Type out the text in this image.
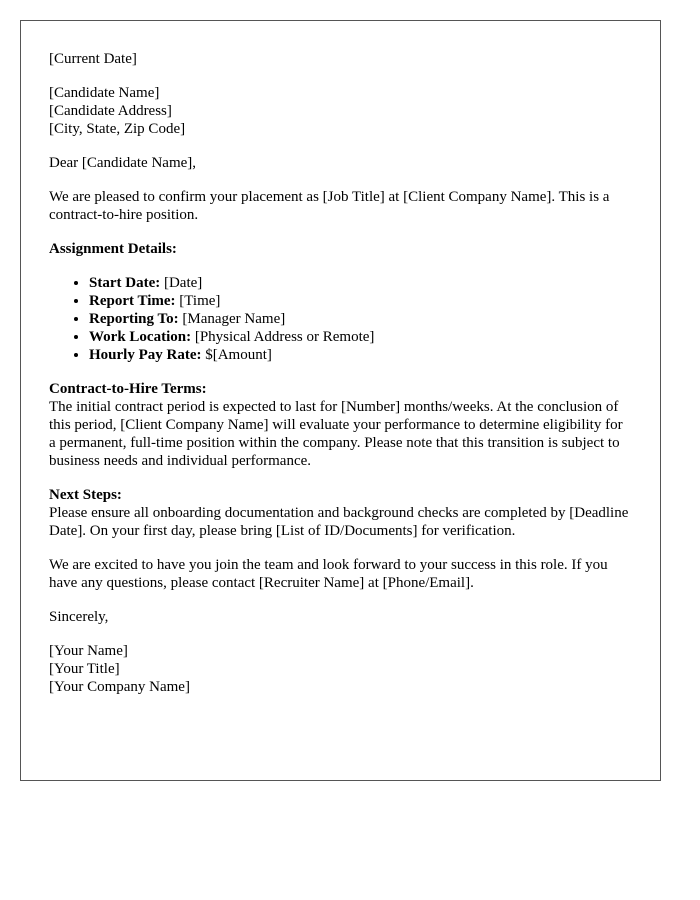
[Current Date]

[Candidate Name]
[Candidate Address]
[City, State, Zip Code]

Dear [Candidate Name],

We are pleased to confirm your placement as [Job Title] at [Client Company Name]. This is a contract-to-hire position.

Assignment Details:
• Start Date: [Date]
• Report Time: [Time]
• Reporting To: [Manager Name]
• Work Location: [Physical Address or Remote]
• Hourly Pay Rate: $[Amount]
Contract-to-Hire Terms:
The initial contract period is expected to last for [Number] months/weeks. At the conclusion of this period, [Client Company Name] will evaluate your performance to determine eligibility for a permanent, full-time position within the company. Please note that this transition is subject to business needs and individual performance.
Next Steps:
Please ensure all onboarding documentation and background checks are completed by [Deadline Date]. On your first day, please bring [List of ID/Documents] for verification.

We are excited to have you join the team and look forward to your success in this role. If you have any questions, please contact [Recruiter Name] at [Phone/Email].

Sincerely,

[Your Name]
[Your Title]
[Your Company Name]
